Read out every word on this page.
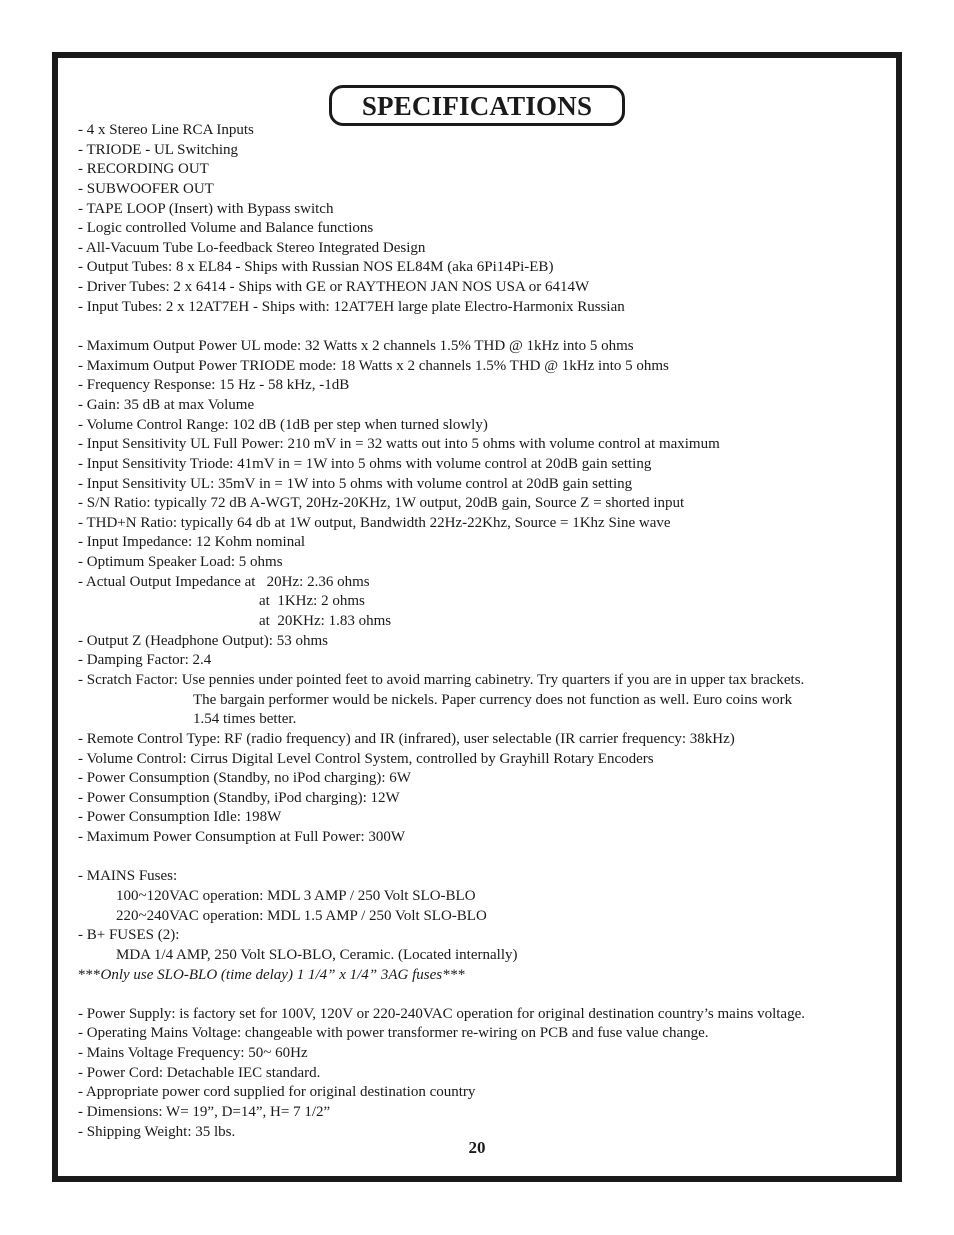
SPECIFICATIONS
- 4 x Stereo Line RCA Inputs
- TRIODE - UL Switching
- RECORDING OUT
- SUBWOOFER OUT
- TAPE LOOP (Insert) with Bypass switch
- Logic controlled Volume and Balance functions
- All-Vacuum Tube Lo-feedback Stereo Integrated Design
- Output Tubes: 8 x EL84 - Ships with Russian NOS EL84M (aka 6Pi14Pi-EB)
- Driver Tubes: 2 x 6414 - Ships with GE or RAYTHEON JAN NOS USA or 6414W
- Input Tubes: 2 x 12AT7EH - Ships with: 12AT7EH large plate Electro-Harmonix Russian
- Maximum Output Power UL mode: 32 Watts x 2 channels 1.5% THD @ 1kHz into 5 ohms
- Maximum Output Power TRIODE mode: 18 Watts x 2 channels 1.5% THD @ 1kHz into 5 ohms
- Frequency Response: 15 Hz - 58 kHz, -1dB
- Gain: 35 dB at max Volume
- Volume Control Range: 102 dB (1dB per step when turned slowly)
- Input Sensitivity UL Full Power: 210 mV in = 32 watts out into 5 ohms with volume control at maximum
- Input Sensitivity Triode: 41mV in = 1W into 5 ohms with volume control at 20dB gain setting
- Input Sensitivity UL: 35mV in = 1W into 5 ohms with volume control at 20dB gain setting
- S/N Ratio: typically 72 dB A-WGT, 20Hz-20KHz, 1W output, 20dB gain, Source Z = shorted input
- THD+N Ratio: typically 64 db at 1W output, Bandwidth 22Hz-22Khz, Source = 1Khz Sine wave
- Input Impedance: 12 Kohm nominal
- Optimum Speaker Load: 5 ohms
- Actual Output Impedance at   20Hz: 2.36 ohms
at  1KHz: 2 ohms
at  20KHz: 1.83 ohms
- Output Z (Headphone Output): 53 ohms
- Damping Factor: 2.4
- Scratch Factor: Use pennies under pointed feet to avoid marring cabinetry. Try quarters if you are in upper tax brackets.
The bargain performer would be nickels. Paper currency does not function as well. Euro coins work
1.54 times better.
- Remote Control Type: RF (radio frequency) and IR (infrared), user selectable (IR carrier frequency: 38kHz)
- Volume Control: Cirrus Digital Level Control System, controlled by Grayhill Rotary Encoders
- Power Consumption (Standby, no iPod charging): 6W
- Power Consumption (Standby, iPod charging): 12W
- Power Consumption Idle: 198W
- Maximum Power Consumption at Full Power: 300W
- MAINS Fuses:
100~120VAC operation: MDL 3 AMP / 250 Volt SLO-BLO
220~240VAC operation: MDL 1.5 AMP / 250 Volt SLO-BLO
- B+ FUSES (2):
MDA 1/4 AMP, 250 Volt SLO-BLO, Ceramic. (Located internally)
***Only use SLO-BLO (time delay) 1 1/4” x 1/4” 3AG fuses***
- Power Supply: is factory set for 100V, 120V or 220-240VAC operation for original destination country’s mains voltage.
- Operating Mains Voltage: changeable with power transformer re-wiring on PCB and fuse value change.
- Mains Voltage Frequency: 50~ 60Hz
- Power Cord: Detachable IEC standard.
- Appropriate power cord supplied for original destination country
- Dimensions: W= 19”, D=14”, H= 7 1/2”
- Shipping Weight: 35 lbs.
20
